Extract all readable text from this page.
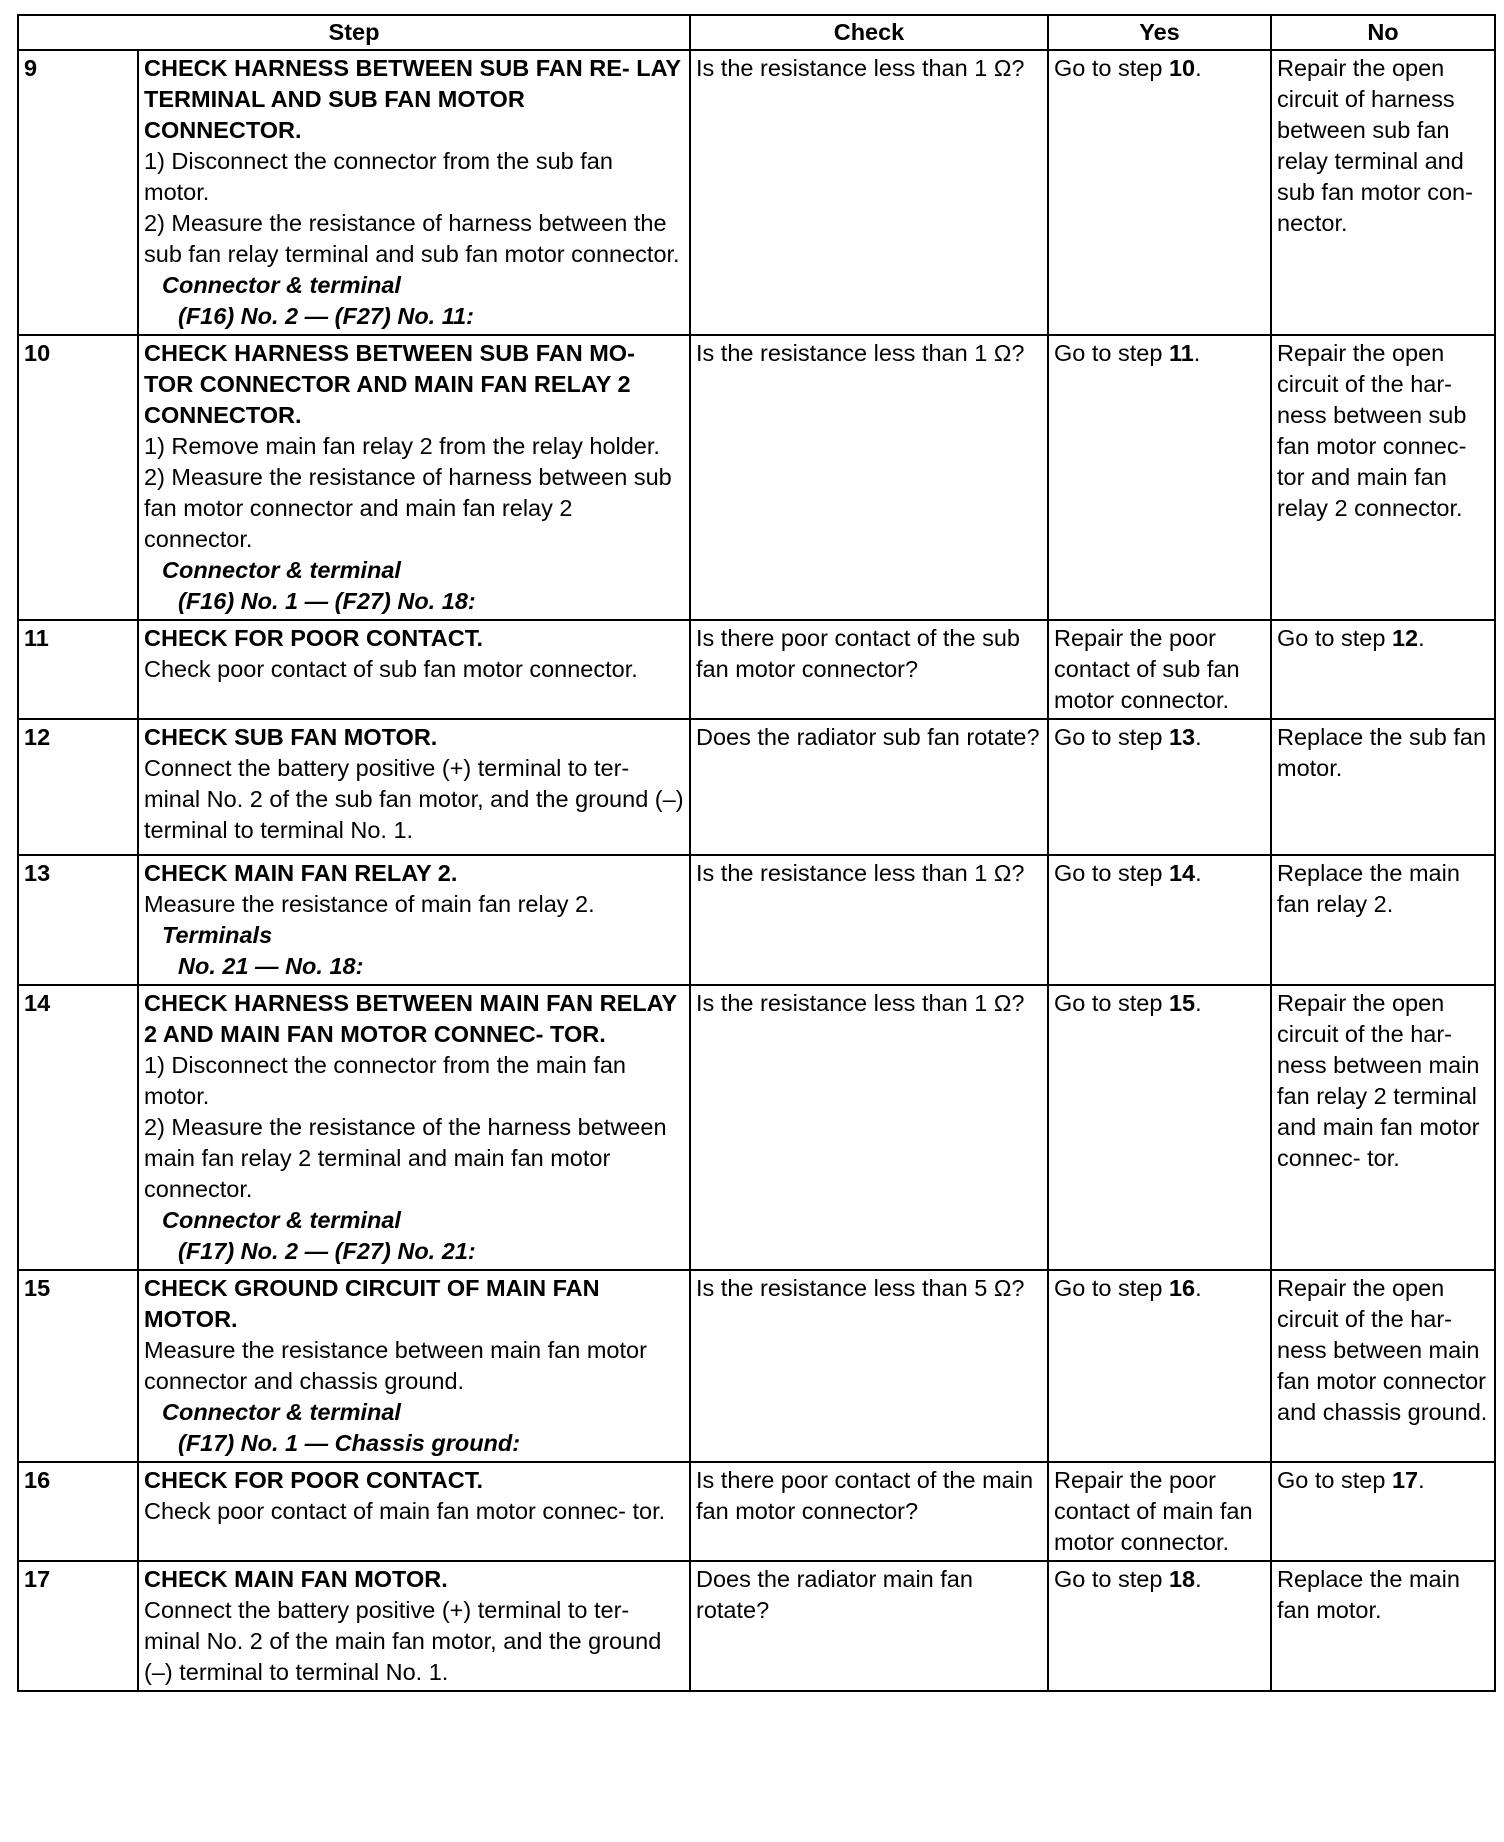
Step		Check	Yes	No
9	CHECK HARNESS BETWEEN SUB FAN RE- LAY TERMINAL AND SUB FAN MOTOR CONNECTOR.
1) Disconnect the connector from the sub fan motor.
2) Measure the resistance of harness between the sub fan relay terminal and sub fan motor connector.
Connector & terminal
(F16) No. 2 — (F27) No. 11:	Is the resistance less than 1 Ω?	Go to step 10.	Repair the open circuit of harness between sub fan relay terminal and sub fan motor con- nector.
10	CHECK HARNESS BETWEEN SUB FAN MO- TOR CONNECTOR AND MAIN FAN RELAY 2 CONNECTOR.
1) Remove main fan relay 2 from the relay holder.
2) Measure the resistance of harness between sub fan motor connector and main fan relay 2 connector.
Connector & terminal
(F16) No. 1 — (F27) No. 18:	Is the resistance less than 1 Ω?	Go to step 11.	Repair the open circuit of the har- ness between sub fan motor connec- tor and main fan relay 2 connector.
11	CHECK FOR POOR CONTACT.
Check poor contact of sub fan motor connector.	Is there poor contact of the sub fan motor connector?	Repair the poor contact of sub fan motor connector.	Go to step 12.
12	CHECK SUB FAN MOTOR.
Connect the battery positive (+) terminal to ter- minal No. 2 of the sub fan motor, and the ground (–) terminal to terminal No. 1.	Does the radiator sub fan rotate?	Go to step 13.	Replace the sub fan motor.
13	CHECK MAIN FAN RELAY 2.
Measure the resistance of main fan relay 2.
Terminals
No. 21 — No. 18:	Is the resistance less than 1 Ω?	Go to step 14.	Replace the main fan relay 2.
14	CHECK HARNESS BETWEEN MAIN FAN RELAY 2 AND MAIN FAN MOTOR CONNEC- TOR.
1) Disconnect the connector from the main fan motor.
2) Measure the resistance of the harness between main fan relay 2 terminal and main fan motor connector.
Connector & terminal
(F17) No. 2 — (F27) No. 21:	Is the resistance less than 1 Ω?	Go to step 15.	Repair the open circuit of the har- ness between main fan relay 2 terminal and main fan motor connec- tor.
15	CHECK GROUND CIRCUIT OF MAIN FAN MOTOR.
Measure the resistance between main fan motor connector and chassis ground.
Connector & terminal
(F17) No. 1 — Chassis ground:	Is the resistance less than 5 Ω?	Go to step 16.	Repair the open circuit of the har- ness between main fan motor connector and chassis ground.
16	CHECK FOR POOR CONTACT.
Check poor contact of main fan motor connec- tor.	Is there poor contact of the main fan motor connector?	Repair the poor contact of main fan motor connector.	Go to step 17.
17	CHECK MAIN FAN MOTOR.
Connect the battery positive (+) terminal to ter- minal No. 2 of the main fan motor, and the ground (–) terminal to terminal No. 1.	Does the radiator main fan rotate?	Go to step 18.	Replace the main fan motor.
